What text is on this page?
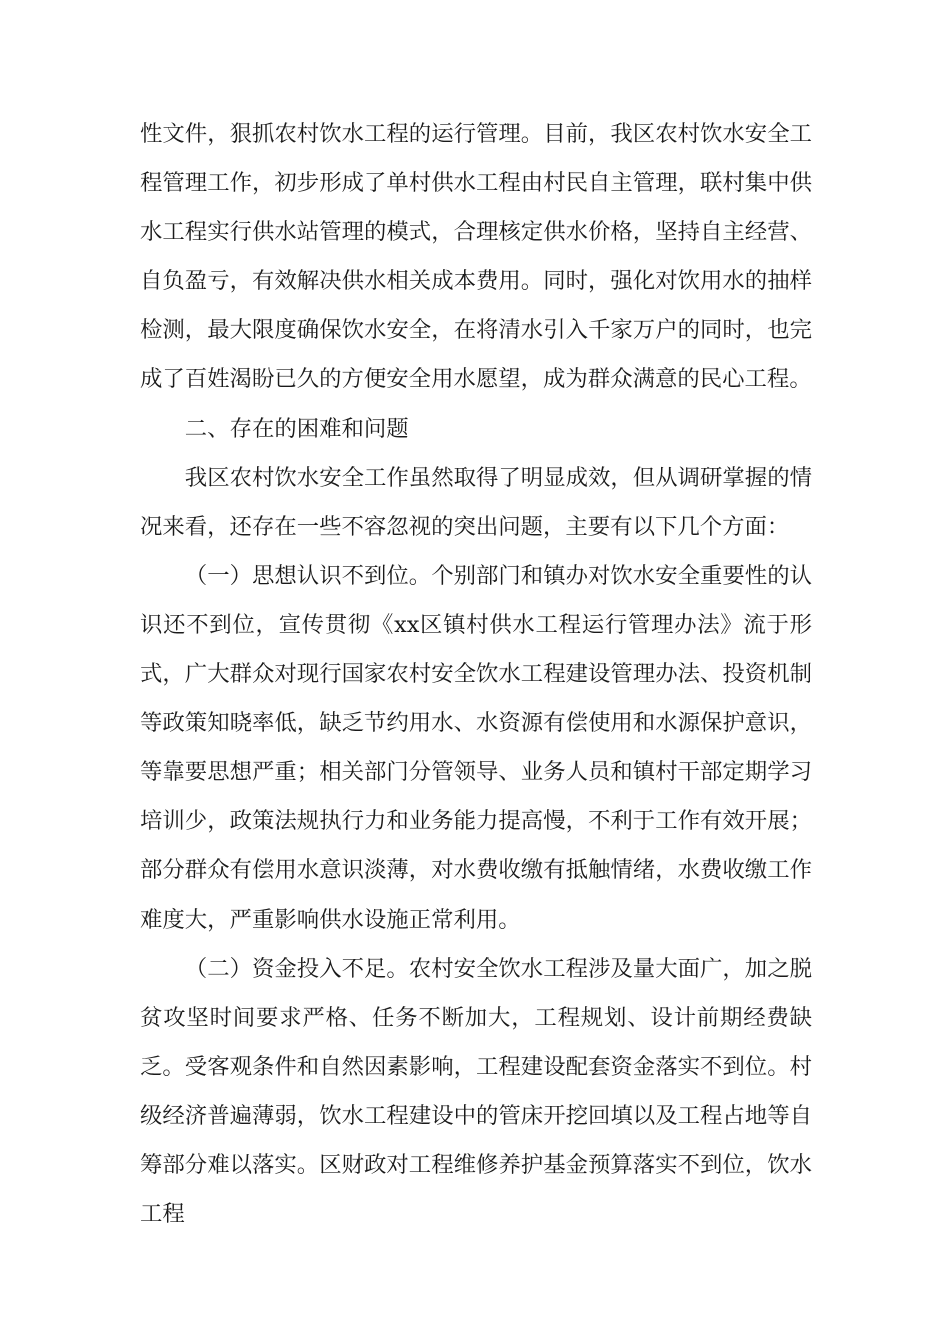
性文件，狠抓农村饮水工程的运行管理。目前，我区农村饮水安全工程管理工作，初步形成了单村供水工程由村民自主管理，联村集中供水工程实行供水站管理的模式，合理核定供水价格，坚持自主经营、自负盈亏，有效解决供水相关成本费用。同时，强化对饮用水的抽样检测，最大限度确保饮水安全，在将清水引入千家万户的同时，也完成了百姓渴盼已久的方便安全用水愿望，成为群众满意的民心工程。

二、存在的困难和问题

我区农村饮水安全工作虽然取得了明显成效，但从调研掌握的情况来看，还存在一些不容忽视的突出问题，主要有以下几个方面：

（一）思想认识不到位。个别部门和镇办对饮水安全重要性的认识还不到位，宣传贯彻《xx区镇村供水工程运行管理办法》流于形式，广大群众对现行国家农村安全饮水工程建设管理办法、投资机制等政策知晓率低，缺乏节约用水、水资源有偿使用和水源保护意识，等靠要思想严重；相关部门分管领导、业务人员和镇村干部定期学习培训少，政策法规执行力和业务能力提高慢，不利于工作有效开展；部分群众有偿用水意识淡薄，对水费收缴有抵触情绪，水费收缴工作难度大，严重影响供水设施正常利用。

（二）资金投入不足。农村安全饮水工程涉及量大面广，加之脱贫攻坚时间要求严格、任务不断加大，工程规划、设计前期经费缺乏。受客观条件和自然因素影响，工程建设配套资金落实不到位。村级经济普遍薄弱，饮水工程建设中的管床开挖回填以及工程占地等自筹部分难以落实。区财政对工程维修养护基金预算落实不到位，饮水工程
